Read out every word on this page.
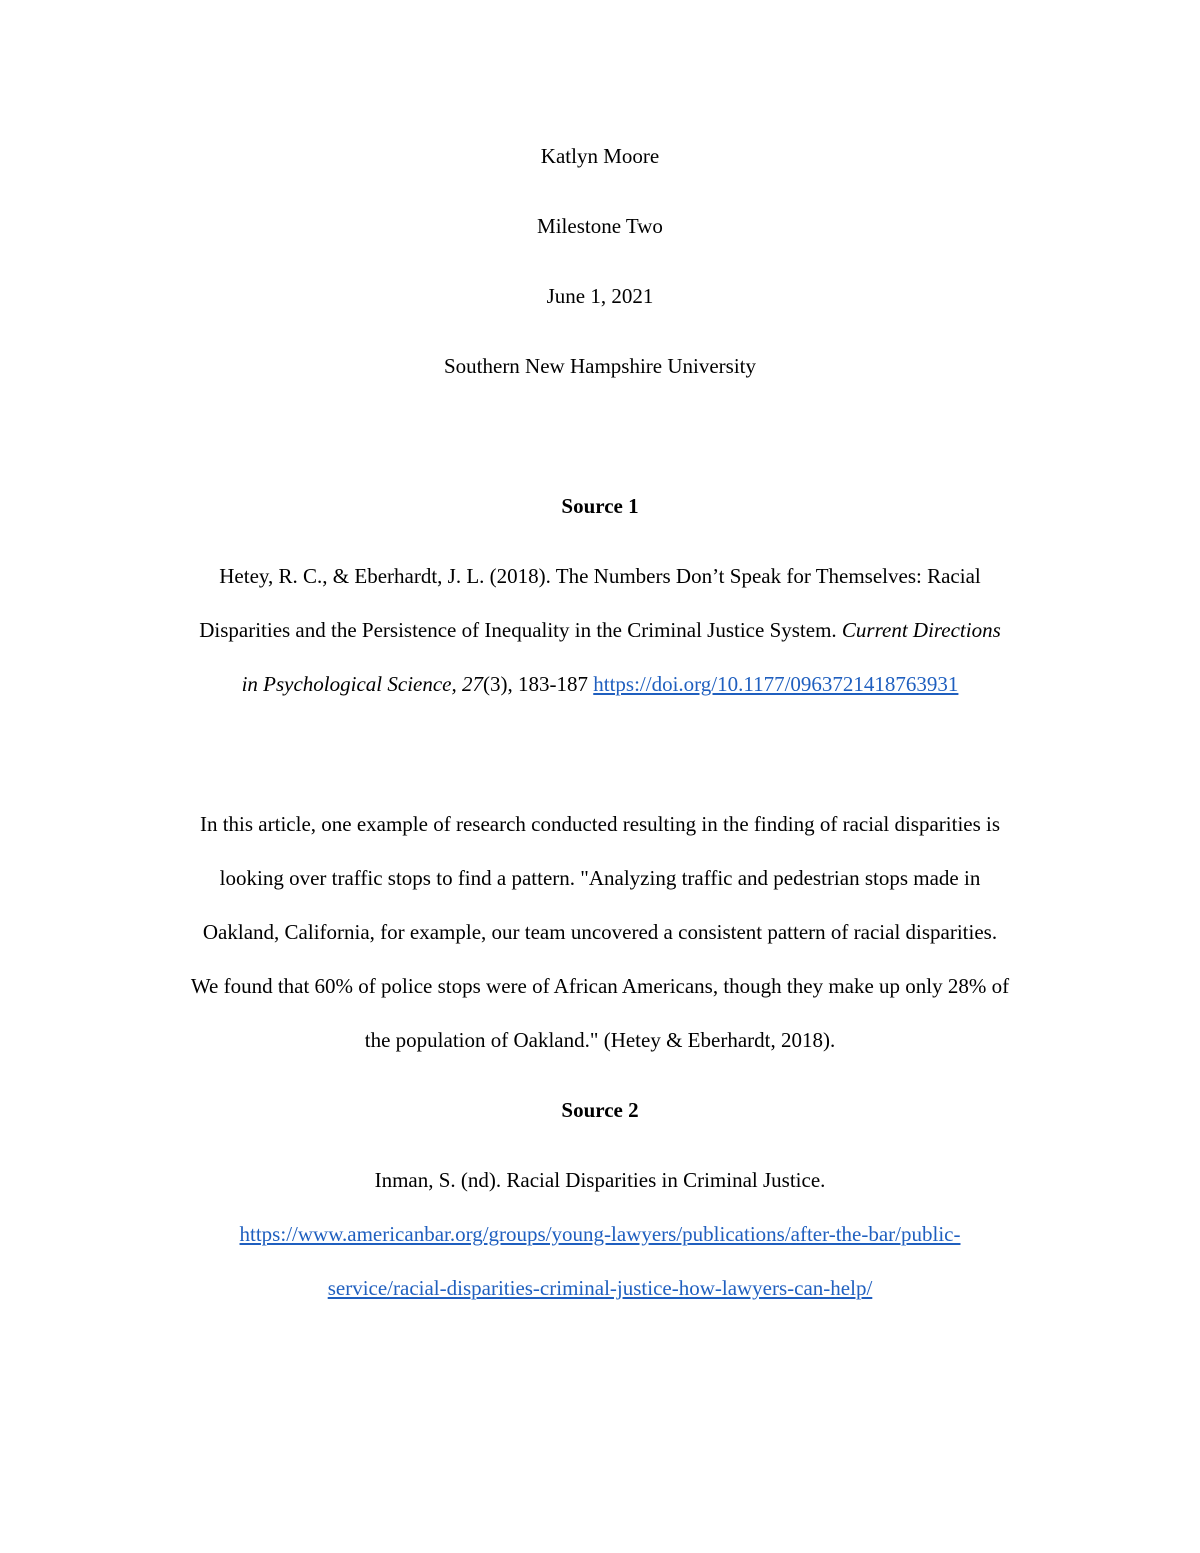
Katlyn Moore
Milestone Two
June 1, 2021
Southern New Hampshire University
Source 1
Hetey, R. C., & Eberhardt, J. L. (2018). The Numbers Don’t Speak for Themselves: Racial
Disparities and the Persistence of Inequality in the Criminal Justice System. Current Directions
in Psychological Science, 27(3), 183-187 https://doi.org/10.1177/0963721418763931
In this article, one example of research conducted resulting in the finding of racial disparities is
looking over traffic stops to find a pattern. "Analyzing traffic and pedestrian stops made in
Oakland, California, for example, our team uncovered a consistent pattern of racial disparities.
We found that 60% of police stops were of African Americans, though they make up only 28% of
the population of Oakland." (Hetey & Eberhardt, 2018).
Source 2
Inman, S. (nd). Racial Disparities in Criminal Justice.
https://www.americanbar.org/groups/young-lawyers/publications/after-the-bar/public-
service/racial-disparities-criminal-justice-how-lawyers-can-help/
